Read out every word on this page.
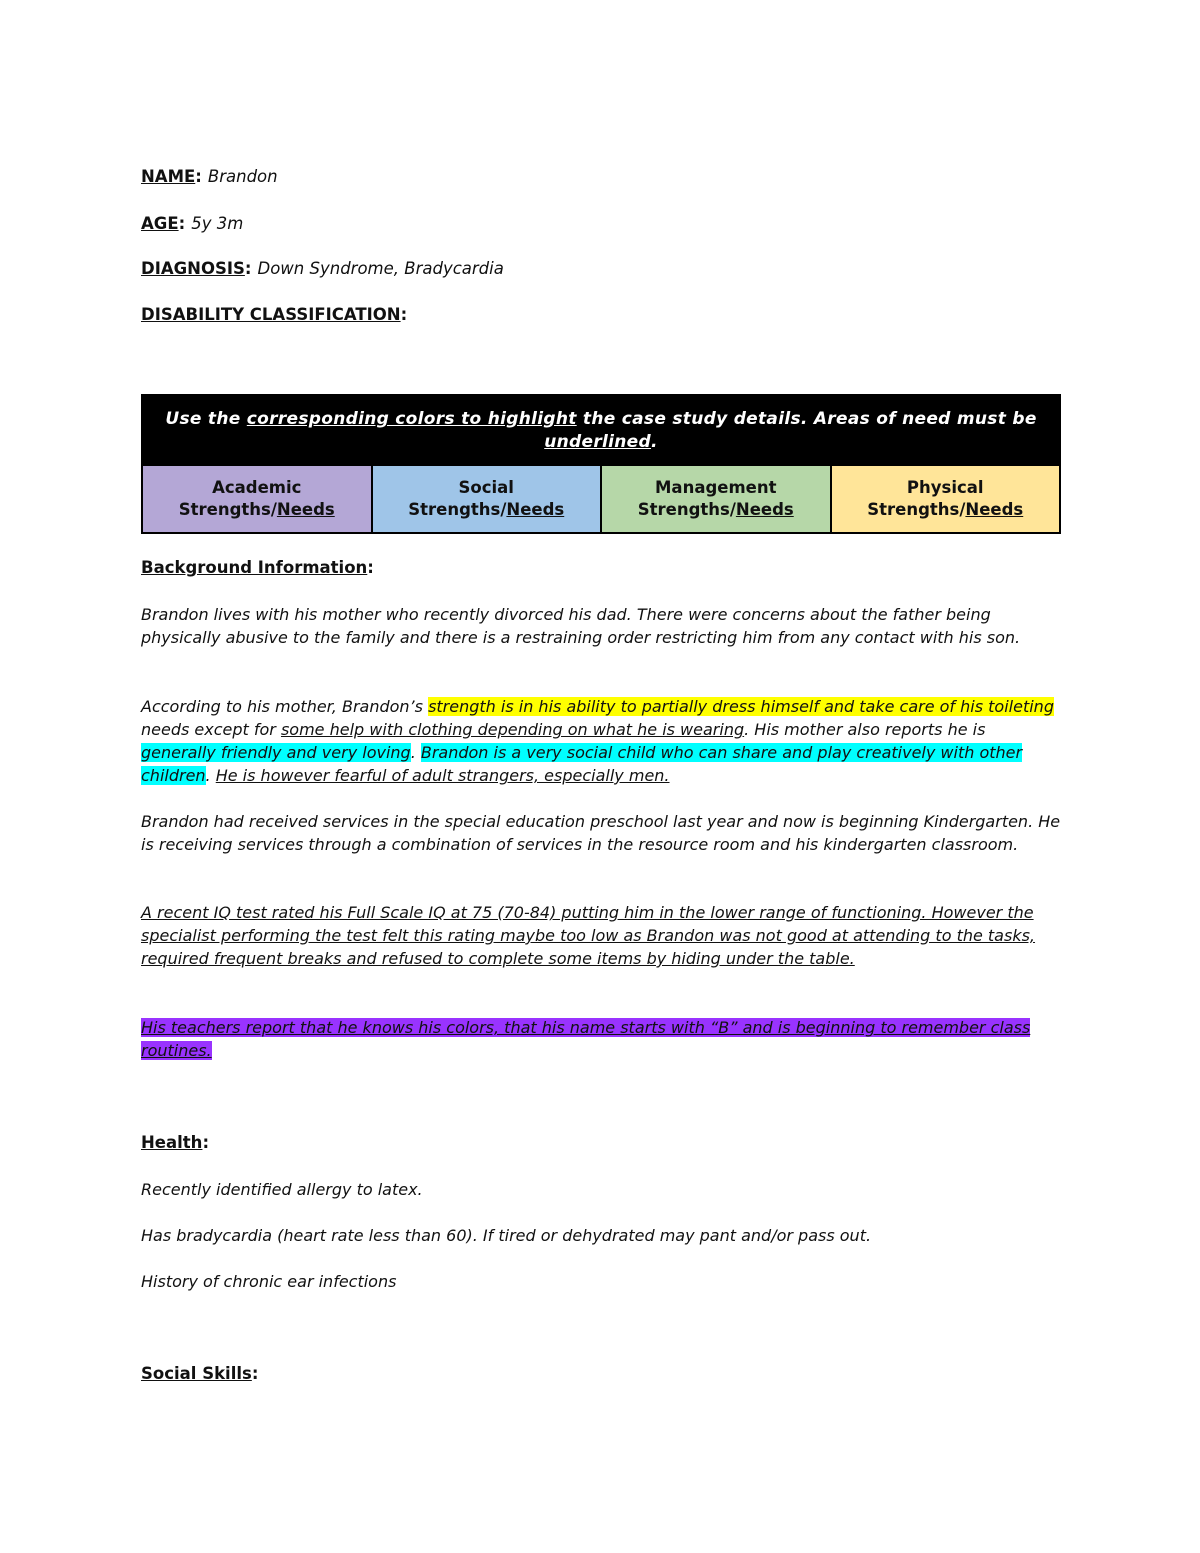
NAME: Brandon
AGE: 5y 3m
DIAGNOSIS: Down Syndrome, Bradycardia
DISABILITY CLASSIFICATION:
Use the corresponding colors to highlight the case study details. Areas of need must be underlined.
Academic
Strengths/Needs
Social
Strengths/Needs
Management
Strengths/Needs
Physical
Strengths/Needs
Background Information:
Brandon lives with his mother who recently divorced his dad. There were concerns about the father being physically abusive to the family and there is a restraining order restricting him from any contact with his son.
According to his mother, Brandon’s strength is in his ability to partially dress himself and take care of his toileting needs except for some help with clothing depending on what he is wearing. His mother also reports he is generally friendly and very loving. Brandon is a very social child who can share and play creatively with other children. He is however fearful of adult strangers, especially men.
Brandon had received services in the special education preschool last year and now is beginning Kindergarten. He is receiving services through a combination of services in the resource room and his kindergarten classroom.
A recent IQ test rated his Full Scale IQ at 75 (70-84) putting him in the lower range of functioning. However the specialist performing the test felt this rating maybe too low as Brandon was not good at attending to the tasks, required frequent breaks and refused to complete some items by hiding under the table.
His teachers report that he knows his colors, that his name starts with “B” and is beginning to remember class routines.
Health:
Recently identified allergy to latex.
Has bradycardia (heart rate less than 60). If tired or dehydrated may pant and/or pass out.
History of chronic ear infections
Social Skills:
